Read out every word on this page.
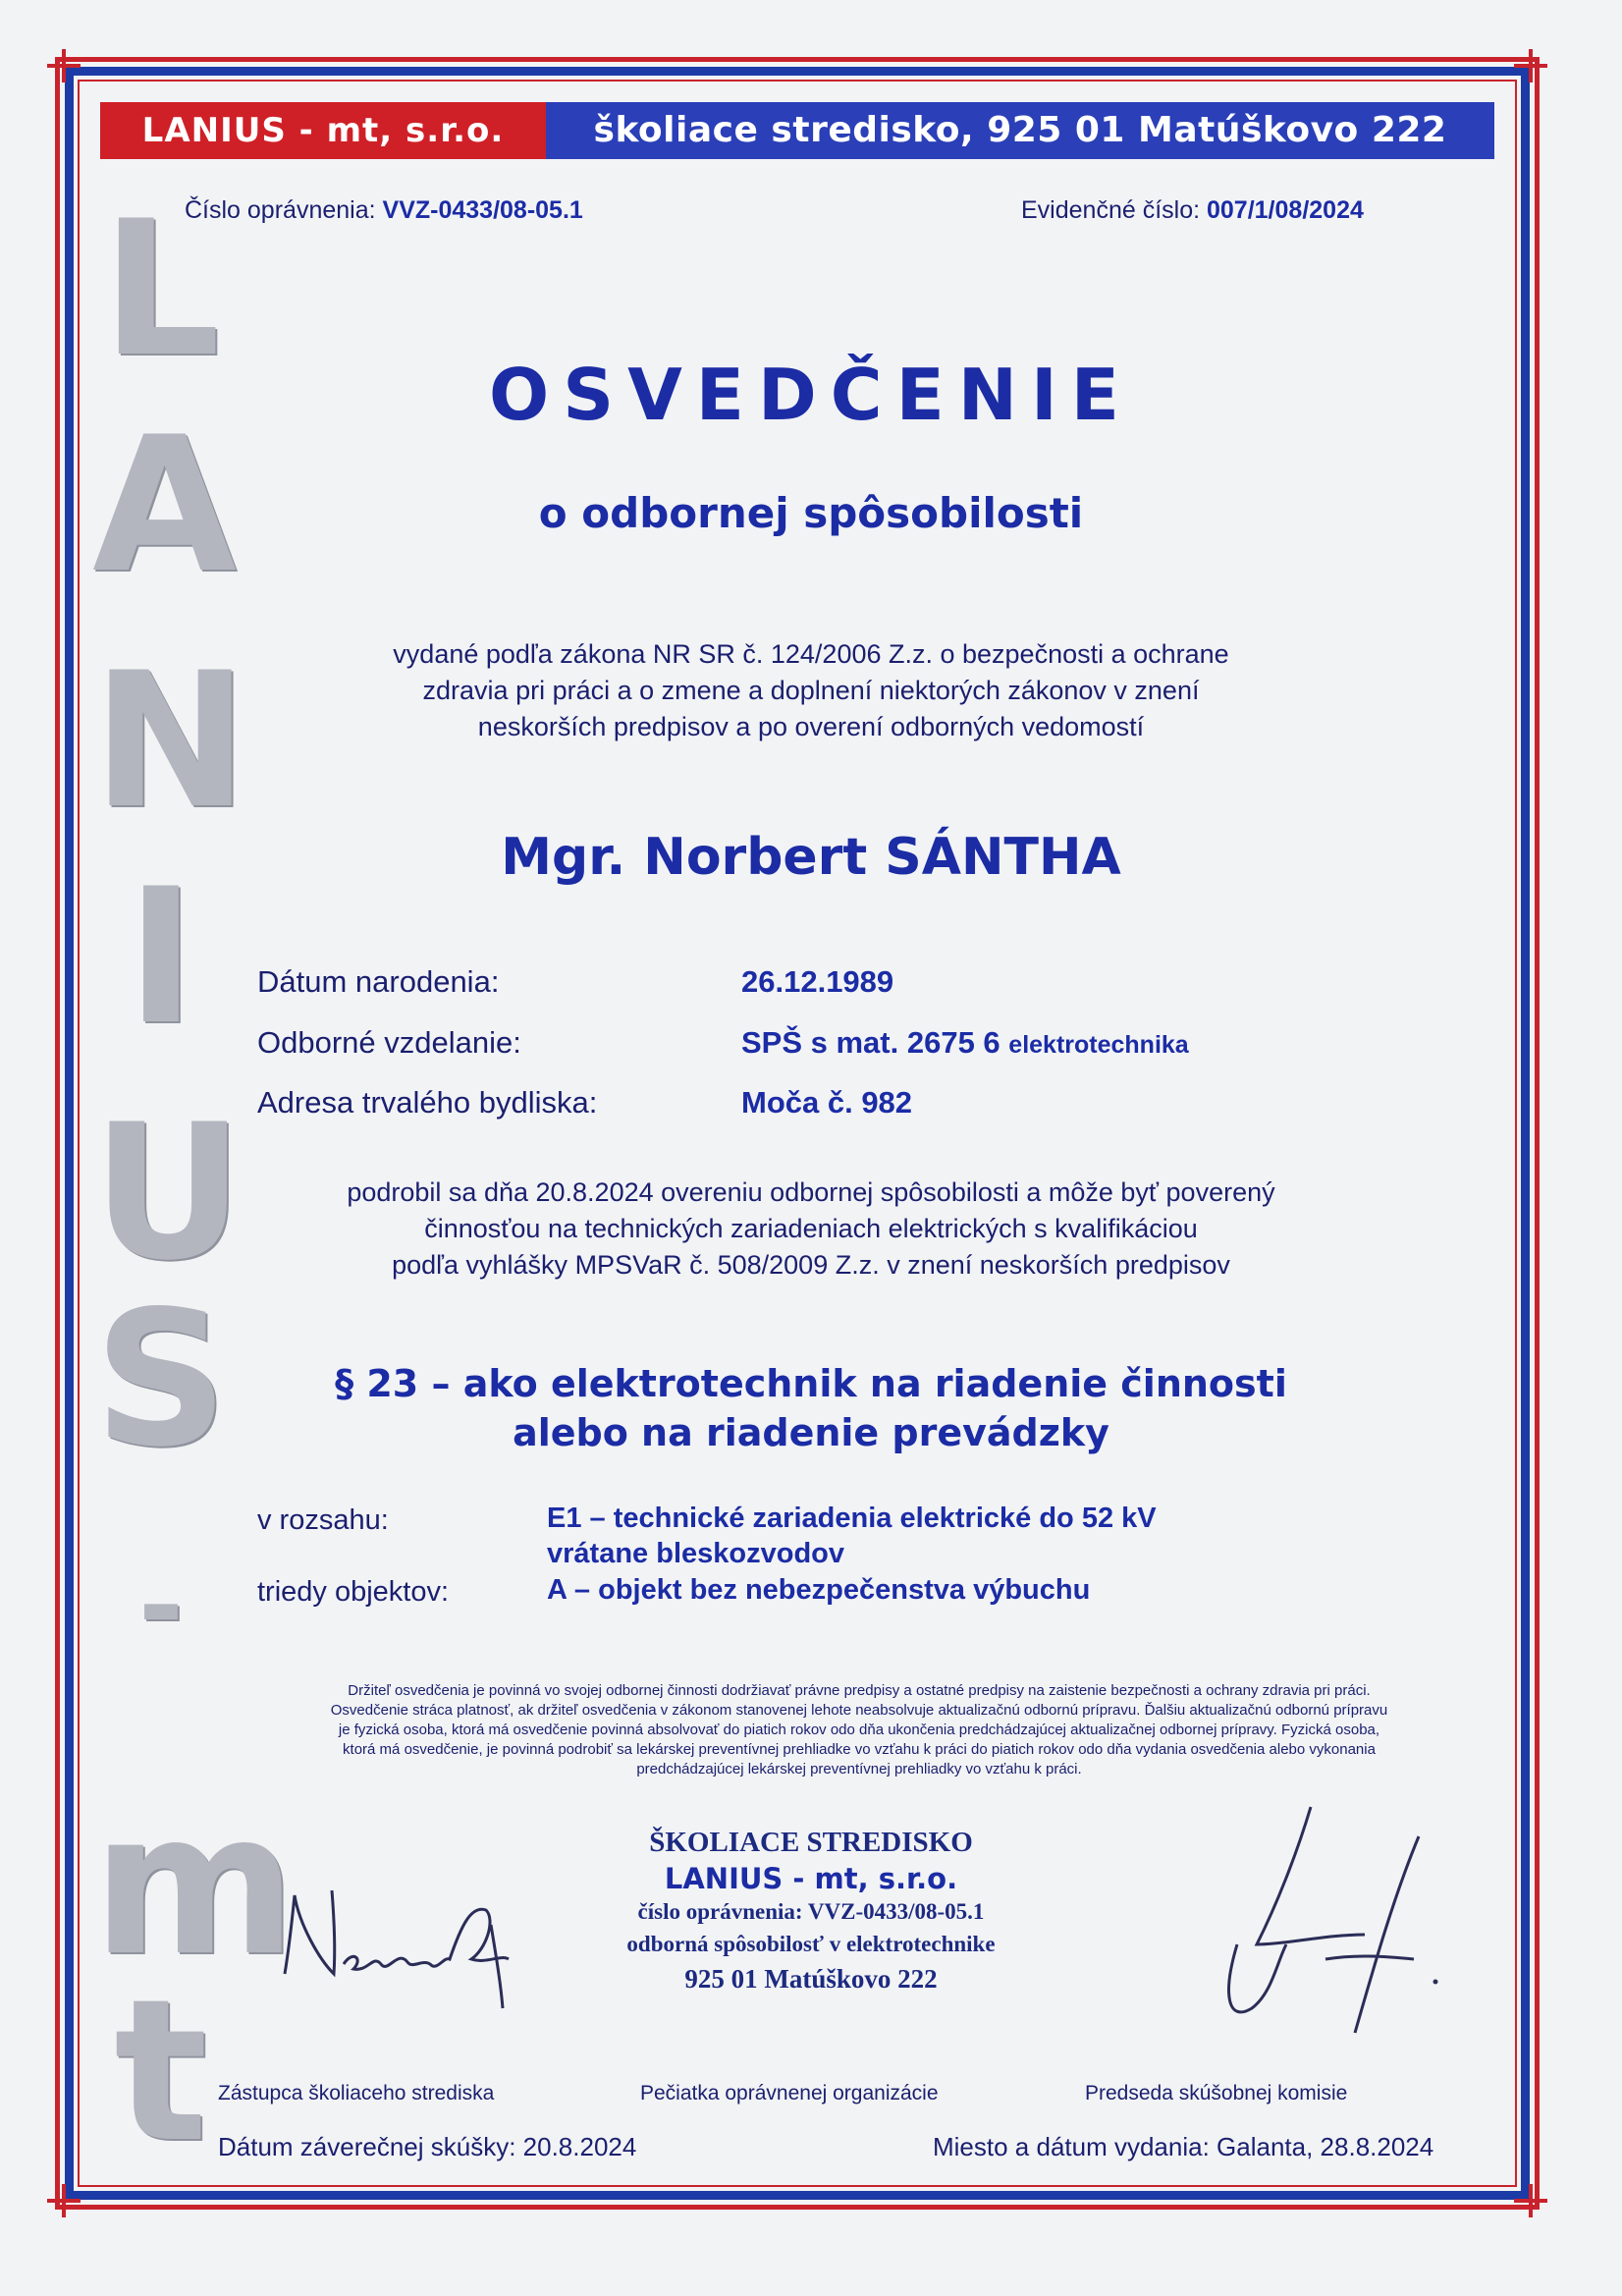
LANIUS - mt, s.r.o.	školiace stredisko, 925 01 Matúškovo 222
Číslo oprávnenia: VVZ-0433/08-05.1	Evidenčné číslo: 007/1/08/2024
L
A
N
I
U
S
-
m
t
OSVEDČENIE
o odbornej spôsobilosti
vydané podľa zákona NR SR č. 124/2006 Z.z. o bezpečnosti a ochrane
zdravia pri práci a o zmene a doplnení niektorých zákonov v znení
neskorších predpisov a po overení odborných vedomostí
Mgr. Norbert SÁNTHA
Dátum narodenia:	26.12.1989
Odborné vzdelanie:	SPŠ s mat. 2675 6 elektrotechnika
Adresa trvalého bydliska:	Moča č. 982
podrobil sa dňa 20.8.2024 overeniu odbornej spôsobilosti a môže byť poverený
činnosťou na technických zariadeniach elektrických s kvalifikáciou
podľa vyhlášky MPSVaR č. 508/2009 Z.z. v znení neskorších predpisov
§ 23 – ako elektrotechnik na riadenie činnosti
alebo na riadenie prevádzky
v rozsahu:	E1 – technické zariadenia elektrické do 52 kV
vrátane bleskozvodov
triedy objektov:	A – objekt bez nebezpečenstva výbuchu
Držiteľ osvedčenia je povinná vo svojej odbornej činnosti dodržiavať právne predpisy a ostatné predpisy na zaistenie bezpečnosti a ochrany zdravia pri práci.
Osvedčenie stráca platnosť, ak držiteľ osvedčenia v zákonom stanovenej lehote neabsolvuje aktualizačnú odbornú prípravu. Ďalšiu aktualizačnú odbornú prípravu
je fyzická osoba, ktorá má osvedčenie povinná absolvovať do piatich rokov odo dňa ukončenia predchádzajúcej aktualizačnej odbornej prípravy. Fyzická osoba,
ktorá má osvedčenie, je povinná podrobiť sa lekárskej preventívnej prehliadke vo vzťahu k práci do piatich rokov odo dňa vydania osvedčenia alebo vykonania
predchádzajúcej lekárskej preventívnej prehliadky vo vzťahu k práci.
ŠKOLIACE STREDISKO
LANIUS - mt, s.r.o.
číslo oprávnenia: VVZ-0433/08-05.1
odborná spôsobilosť v elektrotechnike
925 01 Matúškovo 222
Zástupca školiaceho strediska	Pečiatka oprávnenej organizácie	Predseda skúšobnej komisie
Dátum záverečnej skúšky: 20.8.2024	Miesto a dátum vydania: Galanta, 28.8.2024
